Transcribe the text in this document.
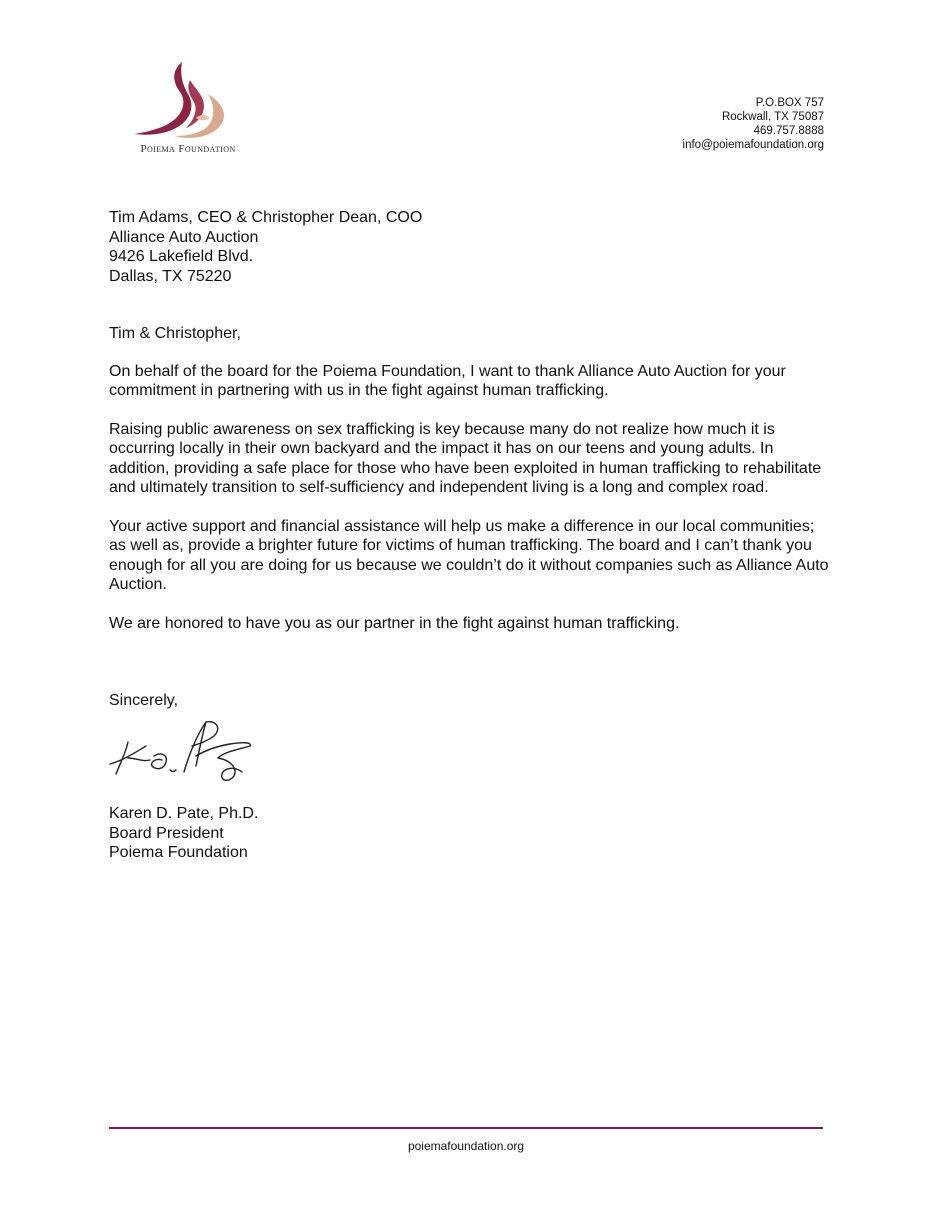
Poiema Foundation
P.O.BOX 757
Rockwall, TX 75087
469.757.8888
info@poiemafoundation.org
Tim Adams, CEO & Christopher Dean, COO
Alliance Auto Auction
9426 Lakefield Blvd.
Dallas, TX 75220

Tim & Christopher,

On behalf of the board for the Poiema Foundation, I want to thank Alliance Auto Auction for your commitment in partnering with us in the fight against human trafficking.

Raising public awareness on sex trafficking is key because many do not realize how much it is occurring locally in their own backyard and the impact it has on our teens and young adults. In addition, providing a safe place for those who have been exploited in human trafficking to rehabilitate and ultimately transition to self-sufficiency and independent living is a long and complex road.

Your active support and financial assistance will help us make a difference in our local communities; as well as, provide a brighter future for victims of human trafficking. The board and I can’t thank you enough for all you are doing for us because we couldn’t do it without companies such as Alliance Auto Auction.

We are honored to have you as our partner in the fight against human trafficking.

Sincerely,
Karen D. Pate, Ph.D.
Board President
Poiema Foundation
poiemafoundation.org
